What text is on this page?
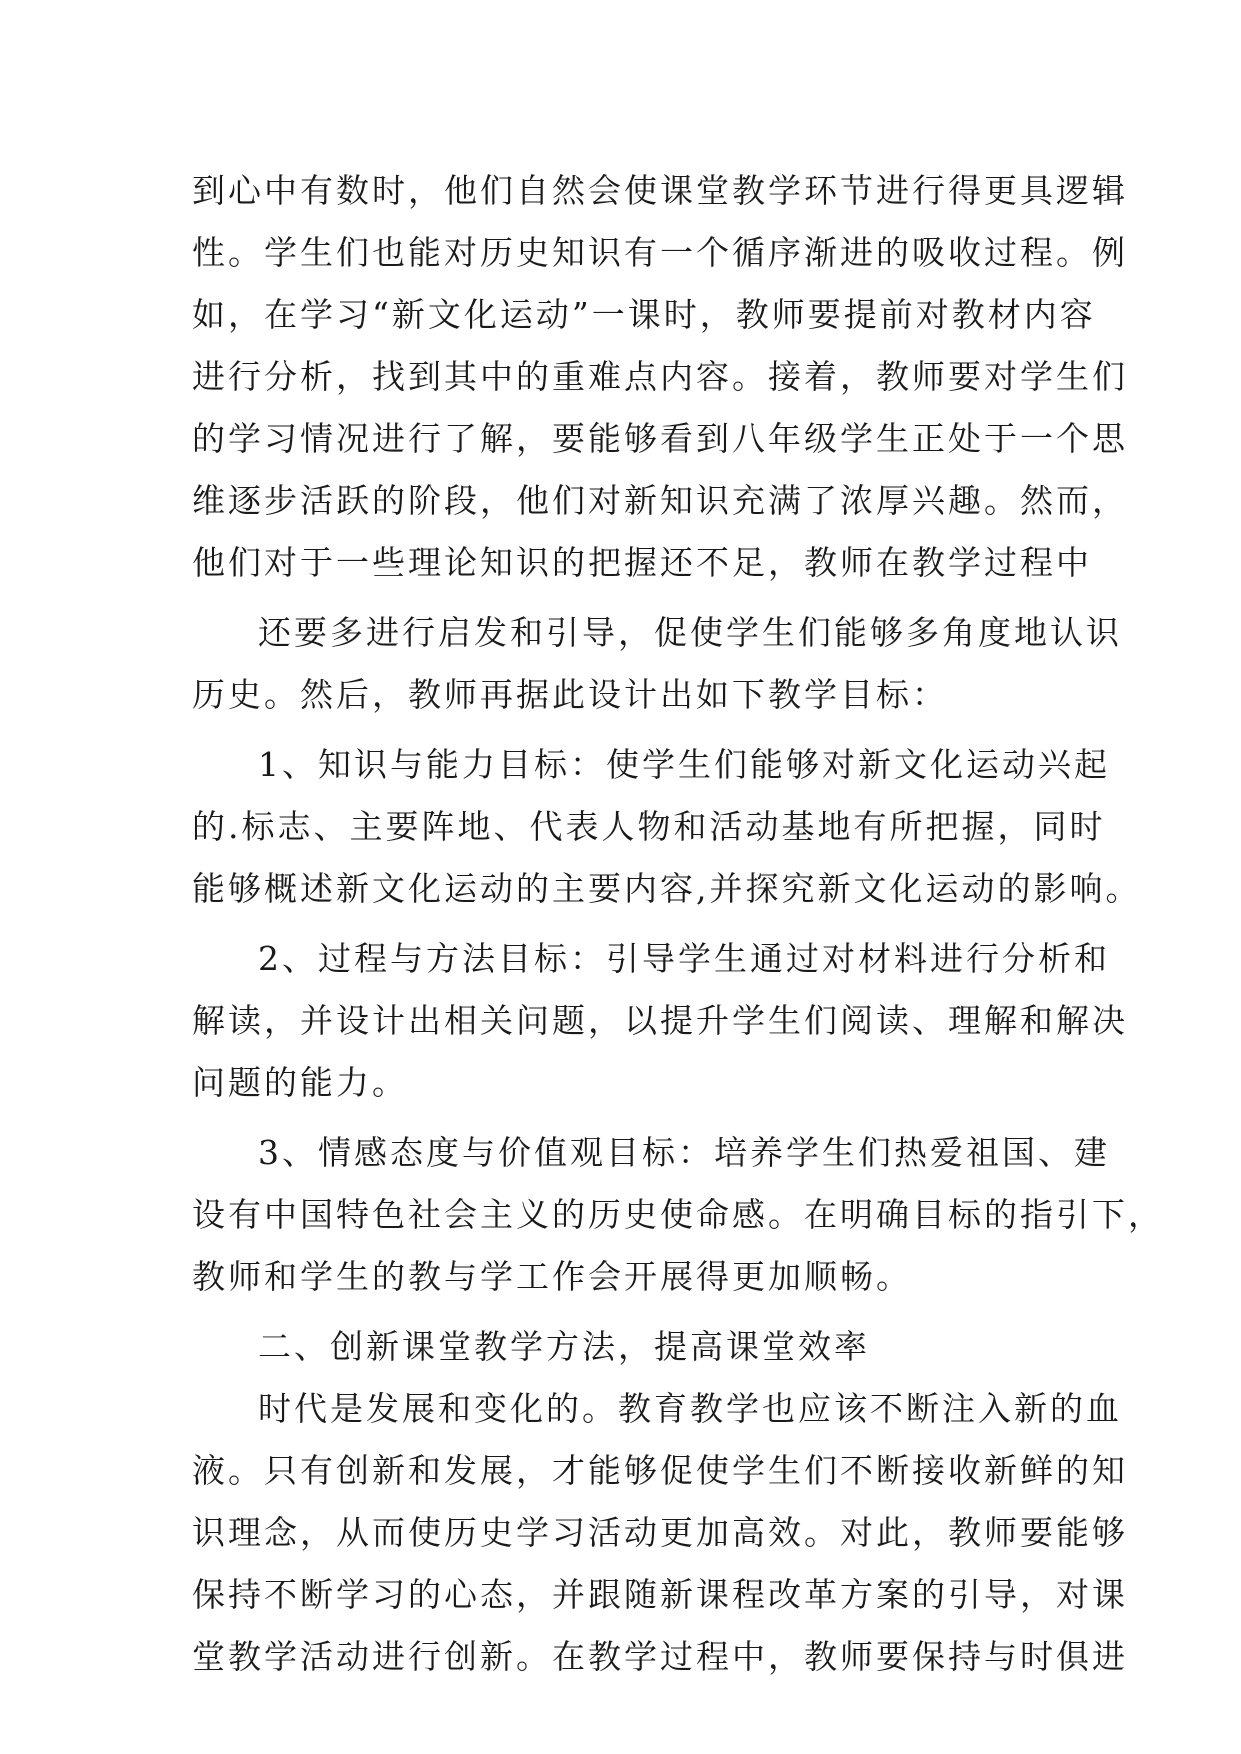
到心中有数时，他们自然会使课堂教学环节进行得更具逻辑
性。学生们也能对历史知识有一个循序渐进的吸收过程。例
如，在学习“新文化运动”一课时，教师要提前对教材内容
进行分析，找到其中的重难点内容。接着，教师要对学生们
的学习情况进行了解，要能够看到八年级学生正处于一个思
维逐步活跃的阶段，他们对新知识充满了浓厚兴趣。然而，
他们对于一些理论知识的把握还不足，教师在教学过程中
还要多进行启发和引导，促使学生们能够多角度地认识
历史。然后，教师再据此设计出如下教学目标：
1、知识与能力目标：使学生们能够对新文化运动兴起
的.标志、主要阵地、代表人物和活动基地有所把握，同时
能够概述新文化运动的主要内容,并探究新文化运动的影响。
2、过程与方法目标：引导学生通过对材料进行分析和
解读，并设计出相关问题，以提升学生们阅读、理解和解决
问题的能力。
3、情感态度与价值观目标：培养学生们热爱祖国、建
设有中国特色社会主义的历史使命感。在明确目标的指引下，
教师和学生的教与学工作会开展得更加顺畅。
二、创新课堂教学方法，提高课堂效率
时代是发展和变化的。教育教学也应该不断注入新的血
液。只有创新和发展，才能够促使学生们不断接收新鲜的知
识理念，从而使历史学习活动更加高效。对此，教师要能够
保持不断学习的心态，并跟随新课程改革方案的引导，对课
堂教学活动进行创新。在教学过程中，教师要保持与时俱进
